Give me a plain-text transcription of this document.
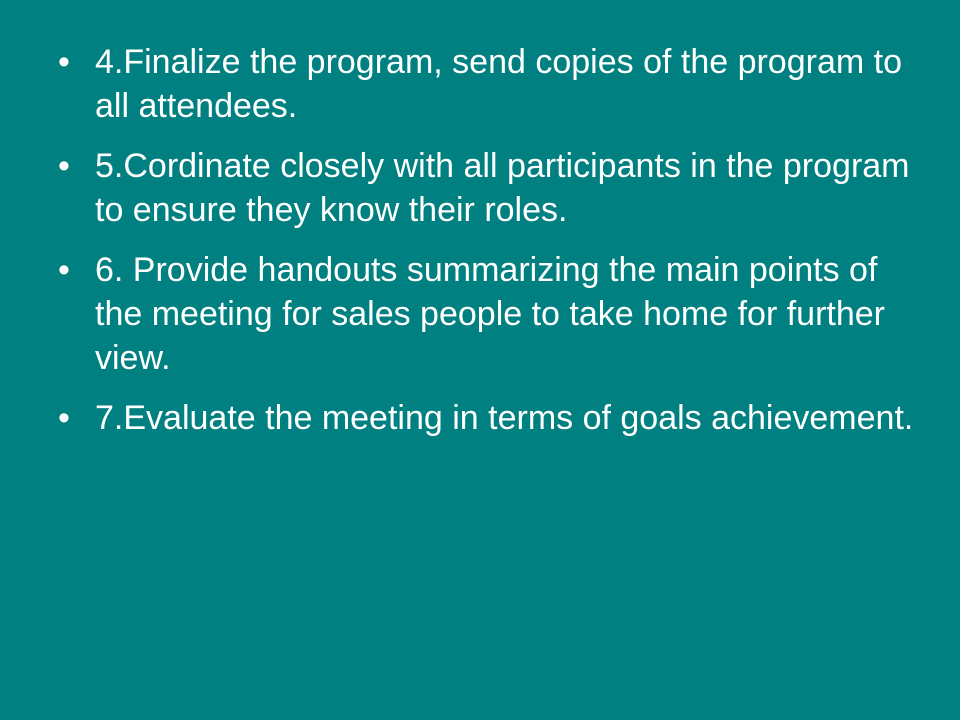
• 4.Finalize the program, send copies of the program to all attendees.
• 5.Cordinate closely with all participants in the program to ensure they know their roles.
• 6. Provide handouts summarizing the main points of the meeting for sales people to take home for further view.
• 7.Evaluate the meeting in terms of goals achievement.
